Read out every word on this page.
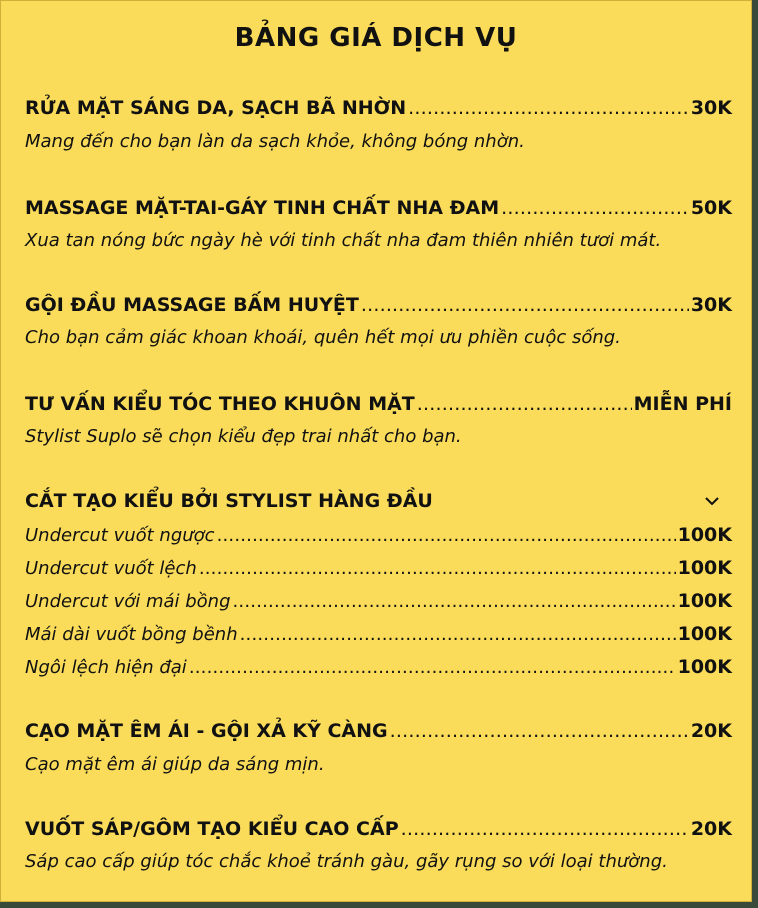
BẢNG GIÁ DỊCH VỤ
RỬA MẶT SÁNG DA, SẠCH BÃ NHỜN .....	30K
Mang đến cho bạn làn da sạch khỏe, không bóng nhờn.
MASSAGE MẶT-TAI-GÁY TINH CHẤT NHA ĐAM .....	50K
Xua tan nóng bức ngày hè với tinh chất nha đam thiên nhiên tươi mát.
GỘI ĐẦU MASSAGE BẤM HUYỆT .....	30K
Cho bạn cảm giác khoan khoái, quên hết mọi ưu phiền cuộc sống.
TƯ VẤN KIỂU TÓC THEO KHUÔN MẶT .....	MIỄN PHÍ
Stylist Suplo sẽ chọn kiểu đẹp trai nhất cho bạn.
CẮT TẠO KIỂU BỞI STYLIST HÀNG ĐẦU
Undercut vuốt ngược .....	100K
Undercut vuốt lệch .....	100K
Undercut với mái bồng .....	100K
Mái dài vuốt bồng bềnh .....	100K
Ngôi lệch hiện đại .....	100K
CẠO MẶT ÊM ÁI - GỘI XẢ KỸ CÀNG .....	20K
Cạo mặt êm ái giúp da sáng mịn.
VUỐT SÁP/GÔM TẠO KIỂU CAO CẤP .....	20K
Sáp cao cấp giúp tóc chắc khoẻ tránh gàu, gãy rụng so với loại thường.
